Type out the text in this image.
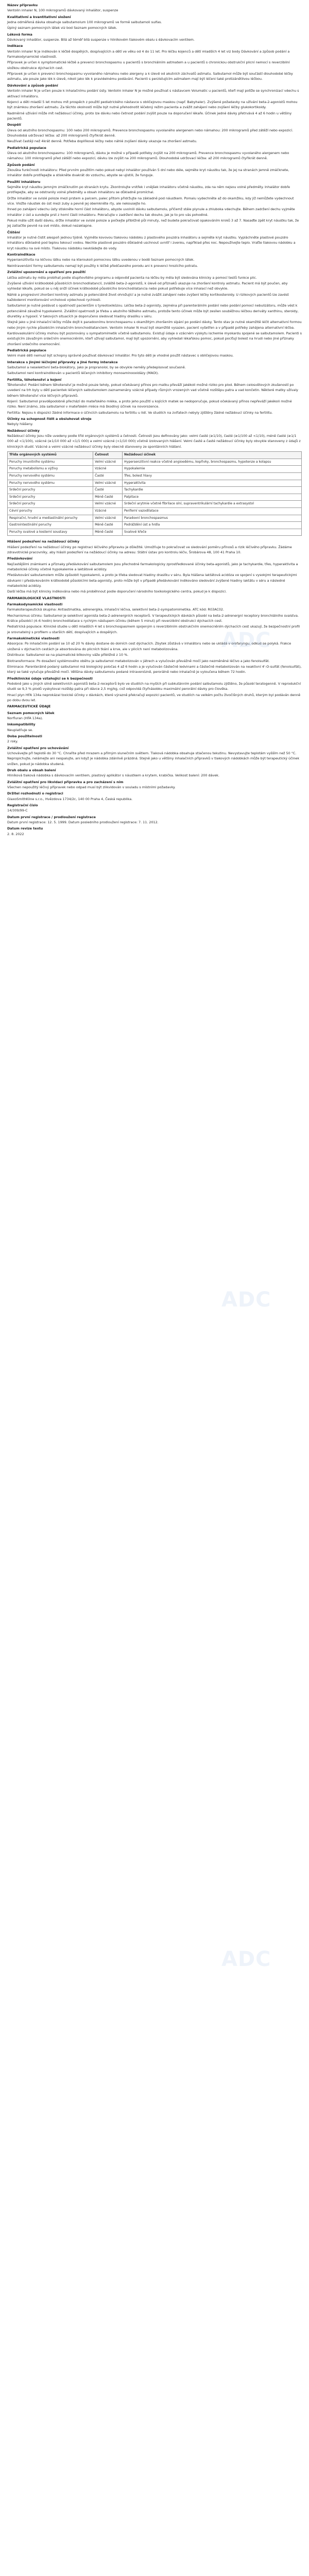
Název přípravku
Ventolin inhaler N, 100 mikrogramů dávkovaný inhalátor, suspenze
Kvalitativní a kvantitativní složení
Jedna odměřená dávka obsahuje salbutamolum 100 mikrogramů ve formě salbutamoli sulfas.
Úplný seznam pomocných látek viz bod Seznam pomocných látek.
Léková forma
Dávkovaný inhalátor, suspenze. Bílá až téměř bílá suspenze v hliníkovém tlakovém obalu s dávkovacím ventilem.
Indikace
Ventolin inhaler N je indikován k léčbě dospělých, dospívajících a dětí ve věku od 4 do 11 let. Pro léčbu kojenců a dětí mladších 4 let viz body Dávkování a způsob podání a Farmakodynamické vlastnosti.
Přípravek je určen k symptomatické léčbě a prevenci bronchospasmu u pacientů s bronchiálním astmatem a u pacientů s chronickou obstrukční plicní nemocí s reverzibilní složkou obstrukce dýchacích cest.
Přípravek je určen k prevenci bronchospasmu vyvolaného námahou nebo alergeny a k úlevě od akutních záchvatů astmatu. Salbutamol může být součástí dlouhodobé léčby astmatu, ale pouze jako lék k úlevě, nikoli jako lék k pravidelnému podávání. Pacienti s perzistujícím astmatem mají být léčeni také protizánětlivou léčbou.
Dávkování a způsob podání
Ventolin inhaler N je určen pouze k inhalačnímu podání ústy. Ventolin inhaler N je možné používat s nástavcem Volumatic u pacientů, kteří mají potíže se synchronizací vdechu s aktivací inhalátoru.
Kojenci a děti mladší 5 let mohou mít prospěch z použití pediatrického nástavce s obličejovou maskou (např. Babyhaler). Zvýšené požadavky na užívání beta-2-agonistů mohou být známkou zhoršení astmatu. Za těchto okolností může být nutné přehodnotit léčebný režim pacienta a zvážit zahájení nebo zvýšení léčby glukokortikoidy.
Nadměrné užívání může mít nežádoucí účinky, proto lze dávku nebo četnost podání zvýšit pouze na doporučení lékaře. Účinek jedné dávky přetrvává 4 až 6 hodin u většiny pacientů.
Dospělí
Úleva od akutního bronchospasmu: 100 nebo 200 mikrogramů. Prevence bronchospasmu vyvolaného alergenem nebo námahou: 200 mikrogramů před zátěží nebo expozicí. Dlouhodobá udržovací léčba: až 200 mikrogramů čtyřikrát denně.
Neužívat častěji než 4krát denně. Potřeba doplňkové léčby nebo náhlé zvýšení dávky ukazuje na zhoršení astmatu.
Pediatrická populace
Úleva od akutního bronchospasmu: 100 mikrogramů, dávku je možné v případě potřeby zvýšit na 200 mikrogramů. Prevence bronchospasmu vyvolaného alergenem nebo námahou: 100 mikrogramů před zátěží nebo expozicí, dávku lze zvýšit na 200 mikrogramů. Dlouhodobá udržovací léčba: až 200 mikrogramů čtyřikrát denně.
Způsob podání
Zkouška funkčnosti inhalátoru: Před prvním použitím nebo pokud nebyl inhalátor používán 5 dní nebo déle, sejměte kryt náustku tak, že jej na stranách jemně zmáčknete, inhalátor dobře protřepejte a stiskněte dvakrát do vzduchu, abyste se ujistili, že funguje.
Použití inhalátoru
Sejměte kryt náustku jemným zmáčknutím po stranách krytu. Zkontrolujte vnitřek i vnějšek inhalátoru včetně náustku, zda na něm nejsou volné předměty. Inhalátor dobře protřepejte, aby se odstranily volné předměty a obsah inhalátoru se důkladně promíchal.
Držte inhalátor ve svislé poloze mezi prstem a palcem, palec přitom přidržujte na základně pod náustkem. Pomalu vydechněte až do okamžiku, kdy již nemůžete vydechnout více. Vložte náustek do úst mezi zuby a pevně jej obemkněte rty, ale nekousejte ho.
Ihned po zahájení vdechu ústy stiskněte horní část inhalátoru, abyste uvolnili dávku salbutamolu, přičemž stále plynule a zhluboka vdechujte. Během zadržení dechu vyjměte inhalátor z úst a sundejte prst z horní části inhalátoru. Pokračujte v zadržení dechu tak dlouho, jak je to pro vás pohodlné.
Pokud máte užít další dávku, držte inhalátor ve svislé poloze a počkejte přibližně půl minuty, než budete pokračovat opakováním kroků 3 až 7. Nasaďte zpět kryt náustku tak, že jej zatlačíte pevně na své místo, dokud nezaklapne.
Čištění
Inhalátor je nutné čistit alespoň jednou týdně. Vyjměte kovovou tlakovou nádobku z plastového pouzdra inhalátoru a sejměte kryt náustku. Vypláchněte plastové pouzdro inhalátoru důkladně pod teplou tekoucí vodou. Nechte plastové pouzdro důkladně uschnout uvnitř i zvenku, například přes noc. Nepoužívejte teplo. Vraťte tlakovou nádobku a kryt náustku na své místo. Tlakovou nádobku nevkládejte do vody.
Kontraindikace
Hypersenzitivita na léčivou látku nebo na kteroukoli pomocnou látku uvedenou v bodě Seznam pomocných látek.
Neintravenózní formy salbutamolu nemají být použity k léčbě předčasného porodu ani k prevenci hrozícího potratu.
Zvláštní upozornění a opatření pro použití
Léčba astmatu by měla probíhat podle stupňovitého programu a odpověď pacienta na léčbu by měla být sledována klinicky a pomocí testů funkce plic.
Zvýšené užívání krátkodobě působících bronchodilatancií, zvláště beta-2-agonistů, k úlevě od příznaků ukazuje na zhoršení kontroly astmatu. Pacient má být poučen, aby vyhledal lékaře, pokud se u něj sníží účinek krátkodobě působícího bronchodilatancia nebo pokud potřebuje více inhalací než obvykle.
Náhlé a progresivní zhoršení kontroly astmatu je potenciálně život ohrožující a je nutné zvážit zahájení nebo zvýšení léčby kortikosteroidy. U rizikových pacientů lze zavést každodenní monitorování vrcholové výdechové rychlosti.
Salbutamol je nutné podávat s opatrností pacientům s tyreotoxikózou. Léčba beta-2-agonisty, zejména při parenterálním podání nebo podání pomocí nebulizátoru, může vést k potenciálně závažné hypokalemii. Zvláštní opatrnosti je třeba u akutního těžkého astmatu, protože tento účinek může být zesílen souběžnou léčbou deriváty xanthinu, steroidy, diuretiky a hypoxií. V takových situacích je doporučeno sledovat hladiny draslíku v séru.
Stejně jako u jiné inhalační léčby může dojít k paradoxnímu bronchospasmu s okamžitým zhoršením sípání po podání dávky. Tento stav je nutné okamžitě léčit alternativní formou nebo jiným rychle působícím inhalačním bronchodilatanciem. Ventolin inhaler N musí být okamžitě vysazen, pacient vyšetřen a v případě potřeby zahájena alternativní léčba.
Kardiovaskulární účinky mohou být pozorovány u sympatomimetik včetně salbutamolu. Existují údaje o vzácném výskytu ischemie myokardu spojené se salbutamolem. Pacienti s existujícím závažným srdečním onemocněním, kteří užívají salbutamol, mají být upozorněni, aby vyhledali lékařskou pomoc, pokud pociťují bolest na hrudi nebo jiné příznaky zhoršení srdečního onemocnění.
Pediatrická populace
Velmi malé děti nemusí být schopny správně používat dávkovací inhalátor. Pro tyto děti je vhodné použít nástavec s obličejovou maskou.
Interakce s jinými léčivými přípravky a jiné formy interakce
Salbutamol a neselektivní beta-blokátory, jako je propranolol, by se obvykle neměly předepisovat současně.
Salbutamol není kontraindikován u pacientů léčených inhibitory monoaminooxidázy (MAOI).
Fertilita, těhotenství a kojení
Těhotenství: Podání během těhotenství je možné pouze tehdy, pokud očekávaný přínos pro matku převáží jakékoli možné riziko pro plod. Během celosvětových zkušeností po uvedení na trh byly u dětí pacientek léčených salbutamolem zaznamenány vzácné případy různých vrozených vad včetně rozštěpu patra a vad končetin. Některé matky užívaly během těhotenství více léčivých přípravků.
Kojení: Salbutamol pravděpodobně přechází do mateřského mléka, a proto jeho použití u kojících matek se nedoporučuje, pokud očekávaný přínos nepřeváží jakékoli možné riziko. Není známo, zda salbutamol v mateřském mléce má škodlivý účinek na novorozence.
Fertilita: Nejsou k dispozici žádné informace o účincích salbutamolu na fertilitu u lidí. Ve studiích na zvířatech nebyly zjištěny žádné nežádoucí účinky na fertilitu.
Účinky na schopnost řídit a obsluhovat stroje
Nebyly hlášeny.
Nežádoucí účinky
Nežádoucí účinky jsou níže uvedeny podle tříd orgánových systémů a četnosti. Četnosti jsou definovány jako: velmi časté (≥1/10), časté (≥1/100 až <1/10), méně časté (≥1/1 000 až <1/100), vzácné (≥1/10 000 až <1/1 000) a velmi vzácné (<1/10 000) včetně izolovaných hlášení. Velmi časté a časté nežádoucí účinky byly obvykle stanoveny z údajů z klinických studií. Vzácné a velmi vzácné nežádoucí účinky byly obecně stanoveny ze spontánních hlášení.
Třída orgánových systémů	Četnost	Nežádoucí účinek
Poruchy imunitního systému	Velmi vzácné	Hypersenzitivní reakce včetně angioedému, kopřivky, bronchospasmu, hypotenze a kolapsu
Poruchy metabolismu a výživy	Vzácné	Hypokalemie
Poruchy nervového systému	Časté	Třes, bolest hlavy
Poruchy nervového systému	Velmi vzácné	Hyperaktivita
Srdeční poruchy	Časté	Tachykardie
Srdeční poruchy	Méně časté	Palpitace
Srdeční poruchy	Velmi vzácné	Srdeční arytmie včetně fibrilace síní, supraventrikulární tachykardie a extrasystol
Cévní poruchy	Vzácné	Periferní vazodilatace
Respirační, hrudní a mediastinální poruchy	Velmi vzácné	Paradoxní bronchospasmus
Gastrointestinální poruchy	Méně časté	Podráždění úst a hrdla
Poruchy svalové a kosterní soustavy	Méně časté	Svalové křeče
Hlášení podezření na nežádoucí účinky
Hlášení podezření na nežádoucí účinky po registraci léčivého přípravku je důležité. Umožňuje to pokračovat ve sledování poměru přínosů a rizik léčivého přípravku. Žádáme zdravotnické pracovníky, aby hlásili podezření na nežádoucí účinky na adresu: Státní ústav pro kontrolu léčiv, Šrobárova 48, 100 41 Praha 10.
Předávkování
Nejčastějšími známkami a příznaky předávkování salbutamolem jsou přechodné farmakologicky zprostředkované účinky beta-agonistů, jako je tachykardie, třes, hyperaktivita a metabolické účinky včetně hypokalemie a laktátové acidózy.
Předávkování salbutamolem může způsobit hypokalemii, a proto je třeba sledovat hladiny draslíku v séru. Byla hlášena laktátová acidóza ve spojení s vysokými terapeutickými dávkami i předávkováním krátkodobě působícími beta-agonisty, proto může být v případě předávkování indikováno sledování zvýšené hladiny laktátu v séru a následné metabolické acidózy.
Další léčba má být klinicky indikována nebo má proběhnout podle doporučení národního toxikologického centra, pokud je k dispozici.
FARMAKOLOGICKÉ VLASTNOSTI
Farmakodynamické vlastnosti
Farmakoterapeutická skupina: Antiastmatika, adrenergika, inhalační léčiva, selektivní beta-2-sympatomimetika. ATC kód: R03AC02.
Mechanismus účinku: Salbutamol je selektivní agonista beta-2-adrenergních receptorů. V terapeutických dávkách působí na beta-2-adrenergní receptory bronchiálního svalstva. Krátce působící (4–6 hodin) bronchodilatace s rychlým nástupem účinku (během 5 minut) při reverzibilní obstrukci dýchacích cest.
Pediatrická populace: Klinické studie u dětí mladších 4 let s bronchospasmem spojeným s reverzibilním obstrukčním onemocněním dýchacích cest ukazují, že bezpečnostní profil je srovnatelný s profilem u starších dětí, dospívajících a dospělých.
Farmakokinetické vlastnosti
Absorpce: Po inhalačním podání se 10 až 20 % dávky dostane do dolních cest dýchacích. Zbytek zůstává v inhalátoru nebo se ukládá v orofaryngu, odkud se polyká. Frakce uložená v dýchacích cestách je absorbována do plicních tkání a krve, ale v plicích není metabolizována.
Distribuce: Salbutamol se na plazmatické bílkoviny váže přibližně z 10 %.
Biotransformace: Po dosažení systémového oběhu je salbutamol metabolizován v játrech a vylučován převážně močí jako nezměněné léčivo a jako fenolsulfát.
Eliminace: Parenterálně podaný salbutamol má biologický poločas 4 až 6 hodin a je vylučován částečně ledvinami a částečně metabolizován na neaktivní 4'-O-sulfát (fenolsulfát), který se také vylučuje převážně močí. Většina dávky salbutamolu podané intravenózně, perorálně nebo inhalačně je vyloučena během 72 hodin.
Předklinické údaje vztahující se k bezpečnosti
Podobně jako u jiných silně selektivních agonistů beta-2-receptorů bylo ve studiích na myších při subkutánním podání salbutamolu zjištěno, že působí teratogenně. V reprodukční studii se 9,3 % plodů vyskytoval rozštěp patra při dávce 2,5 mg/kg, což odpovídá čtyřnásobku maximální perorální dávky pro člověka.
Hnací plyn HFA 134a neprokázal toxické účinky v dávkách, které výrazně překračují expozici pacientů, ve studiích na velkém počtu živočišných druhů, kterým byl podáván denně po dobu dvou let.
FARMACEUTICKÉ ÚDAJE
Seznam pomocných látek
Norfluran (HFA 134a).
Inkompatibility
Neuplatňuje se.
Doba použitelnosti
2 roky.
Zvláštní opatření pro uchovávání
Uchovávejte při teplotě do 30 °C. Chraňte před mrazem a přímým slunečním světlem. Tlaková nádobka obsahuje stlačenou tekutinu. Nevystavujte teplotám vyšším než 50 °C. Nepropichujte, nelámejte ani nespalujte, ani když je nádobka zdánlivě prázdná. Stejně jako u většiny inhalačních přípravků v tlakových nádobkách může být terapeutický účinek snížen, pokud je nádobka studená.
Druh obalu a obsah balení
Hliníková tlaková nádobka s dávkovacím ventilem, plastový aplikátor s náustkem a krytem, krabička. Velikost balení: 200 dávek.
Zvláštní opatření pro likvidaci přípravku a pro zacházení s ním
Všechen nepoužitý léčivý přípravek nebo odpad musí být zlikvidován v souladu s místními požadavky.
Držitel rozhodnutí o registraci
GlaxoSmithKline s.r.o., Hvězdova 1734/2c, 140 00 Praha 4, Česká republika.
Registrační číslo
14/309/99-C
Datum první registrace / prodloužení registrace
Datum první registrace: 12. 5. 1999. Datum posledního prodloužení registrace: 7. 11. 2012.
Datum revize textu
2. 8. 2022
ADC
ADC
ADC
